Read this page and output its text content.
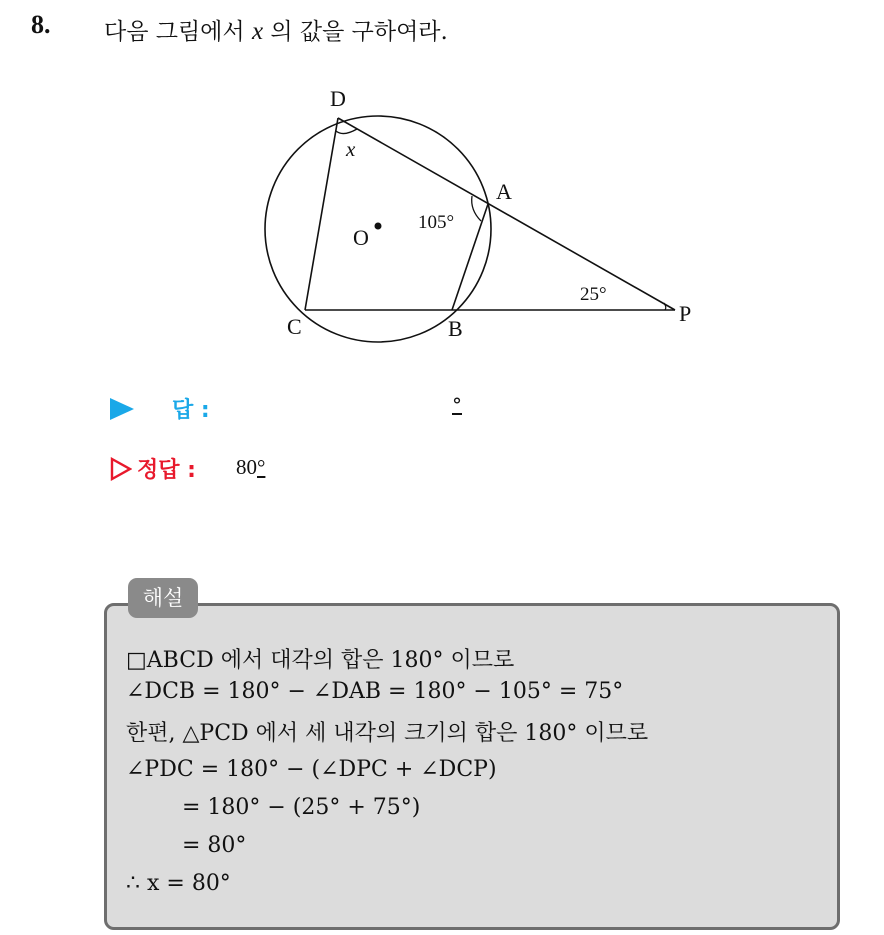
8. 다음 그림에서 x 의 값을 구하여라.
D
A
C	B
P
O
x
105°
25°
답 :	°
정답 : 80°
해설
□ABCD 에서 대각의 합은 180° 이므로
∠DCB = 180° − ∠DAB = 180° − 105° = 75°
한편, △PCD 에서 세 내각의 크기의 합은 180° 이므로
∠PDC = 180° − (∠DPC + ∠DCP)
= 180° − (25° + 75°)
= 80°
∴ x = 80°
